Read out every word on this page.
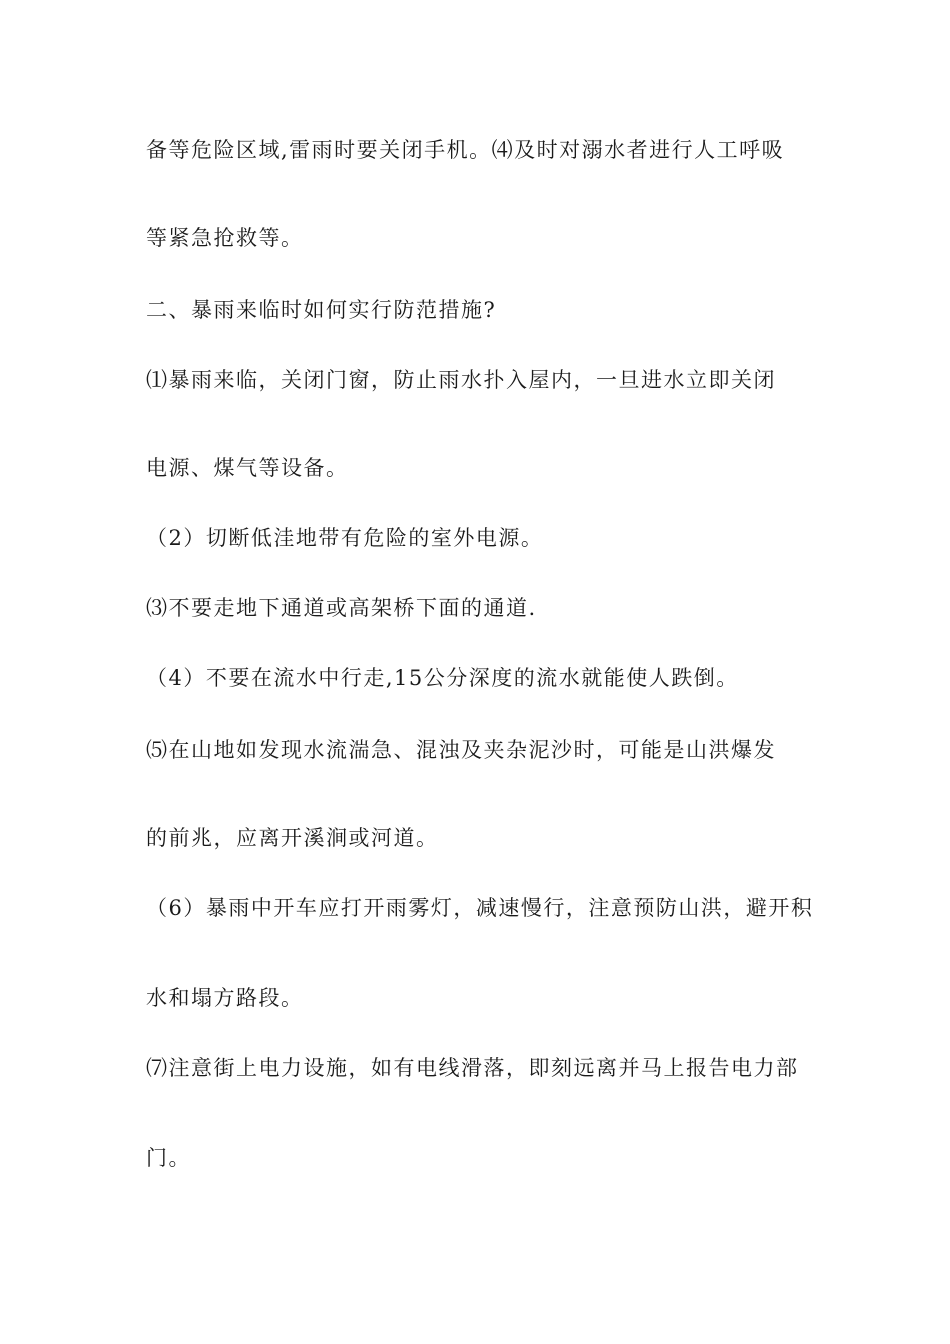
备等危险区域,雷雨时要关闭手机。⑷及时对溺水者进行人工呼吸
等紧急抢救等。
二、暴雨来临时如何实行防范措施?
⑴暴雨来临，关闭门窗，防止雨水扑入屋内，一旦进水立即关闭
电源、煤气等设备。
（2）切断低洼地带有危险的室外电源。
⑶不要走地下通道或高架桥下面的通道.
（4）不要在流水中行走,15公分深度的流水就能使人跌倒。
⑸在山地如发现水流湍急、混浊及夹杂泥沙时，可能是山洪爆发
的前兆，应离开溪涧或河道。
（6）暴雨中开车应打开雨雾灯，减速慢行，注意预防山洪，避开积
水和塌方路段。
⑺注意街上电力设施，如有电线滑落，即刻远离并马上报告电力部
门。
